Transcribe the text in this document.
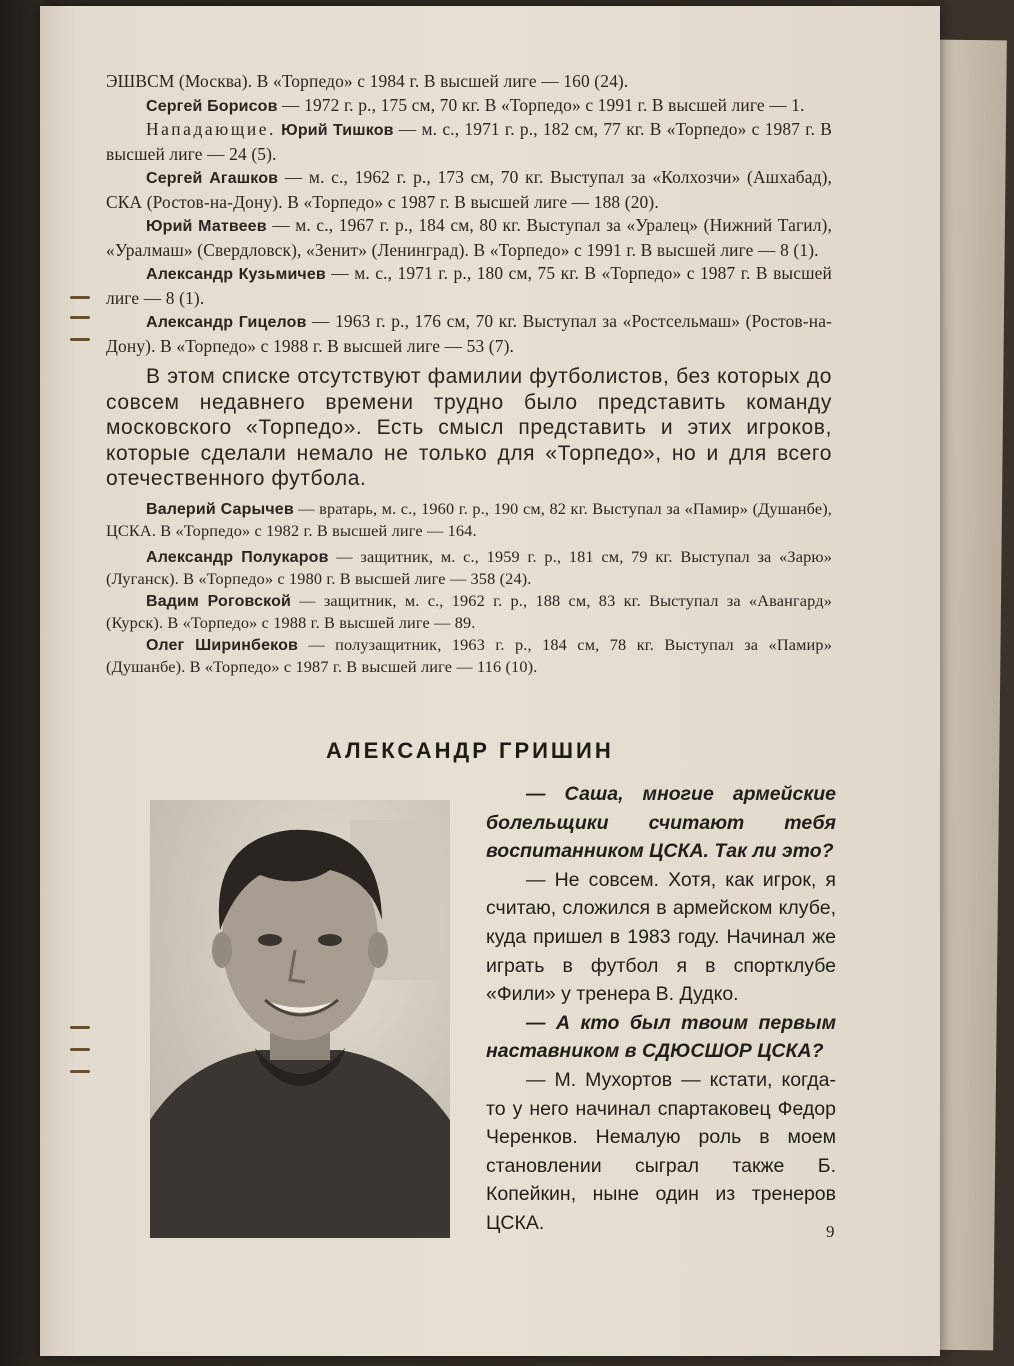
ЭШВСМ (Москва). В «Торпедо» с 1984 г. В высшей лиге — 160 (24).

Сергей Борисов — 1972 г. р., 175 см, 70 кг. В «Торпедо» с 1991 г. В высшей лиге — 1.

Нападающие. Юрий Тишков — м. с., 1971 г. р., 182 см, 77 кг. В «Торпедо» с 1987 г. В высшей лиге — 24 (5).

Сергей Агашков — м. с., 1962 г. р., 173 см, 70 кг. Выступал за «Колхозчи» (Ашхабад), СКА (Ростов-на-Дону). В «Торпедо» с 1987 г. В высшей лиге — 188 (20).

Юрий Матвеев — м. с., 1967 г. р., 184 см, 80 кг. Выступал за «Уралец» (Нижний Тагил), «Уралмаш» (Свердловск), «Зенит» (Ленинград). В «Торпедо» с 1991 г. В высшей лиге — 8 (1).

Александр Кузьмичев — м. с., 1971 г. р., 180 см, 75 кг. В «Торпедо» с 1987 г. В высшей лиге — 8 (1).

Александр Гицелов — 1963 г. р., 176 см, 70 кг. Выступал за «Ростсельмаш» (Ростов-на-Дону). В «Торпедо» с 1988 г. В высшей лиге — 53 (7).

В этом списке отсутствуют фамилии футболистов, без которых до совсем недавнего времени трудно было представить команду московского «Торпедо». Есть смысл представить и этих игроков, которые сделали немало не только для «Торпедо», но и для всего отечественного футбола.

Валерий Сарычев — вратарь, м. с., 1960 г. р., 190 см, 82 кг. Выступал за «Памир» (Душанбе), ЦСКА. В «Торпедо» с 1982 г. В высшей лиге — 164.

Александр Полукаров — защитник, м. с., 1959 г. р., 181 см, 79 кг. Выступал за «Зарю» (Луганск). В «Торпедо» с 1980 г. В высшей лиге — 358 (24).

Вадим Роговской — защитник, м. с., 1962 г. р., 188 см, 83 кг. Выступал за «Авангард» (Курск). В «Торпедо» с 1988 г. В высшей лиге — 89.

Олег Ширинбеков — полузащитник, 1963 г. р., 184 см, 78 кг. Выступал за «Памир» (Душанбе). В «Торпедо» с 1987 г. В высшей лиге — 116 (10).

АЛЕКСАНДР ГРИШИН

— Саша, многие армейские болельщики считают тебя воспитанником ЦСКА. Так ли это?

— Не совсем. Хотя, как игрок, я считаю, сложился в армейском клубе, куда пришел в 1983 году. Начинал же играть в футбол я в спортклубе «Фили» у тренера В. Дудко.

— А кто был твоим первым наставником в СДЮСШОР ЦСКА?

— М. Мухортов — кстати, когда-то у него начинал спартаковец Федор Черенков. Немалую роль в моем становлении сыграл также Б. Копейкин, ныне один из тренеров ЦСКА.	9
